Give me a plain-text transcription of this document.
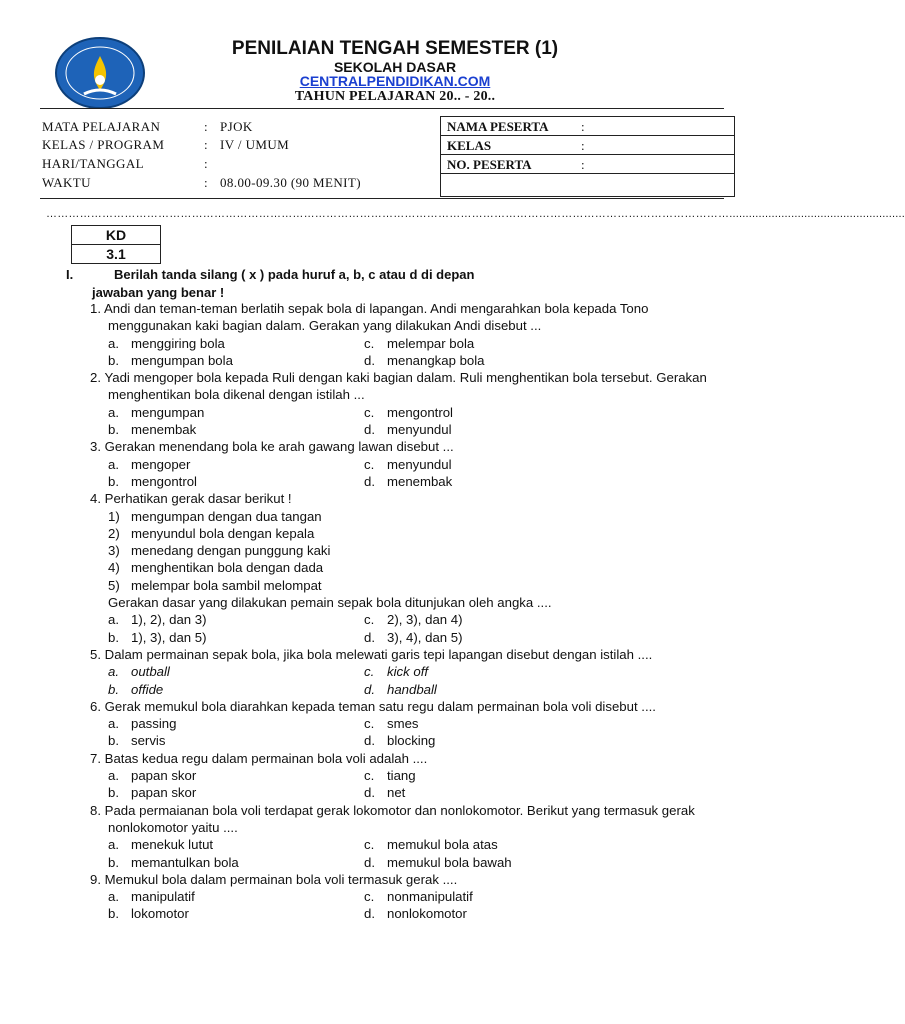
PENILAIAN TENGAH SEMESTER (1)
SEKOLAH DASAR
CENTRALPENDIDIKAN.COM
TAHUN PELAJARAN 20.. - 20..
MATA PELAJARAN	: PJOK
KELAS / PROGRAM	: IV / UMUM
HARI/TANGGAL	:
WAKTU	: 08.00-09.30 (90 MENIT)
NAMA PESERTA :
KELAS	:
NO. PESERTA	:
…………………………………………………………………………………………………………………………………………………………………......................................................
KD
3.1
I.	Berilah tanda silang ( x ) pada huruf a, b, c atau d di depan
jawaban yang benar !
1. Andi dan teman-teman berlatih sepak bola di lapangan. Andi mengarahkan bola kepada Tono menggunakan kaki bagian dalam. Gerakan yang dilakukan Andi disebut ...
a. menggiring bola	c. melempar bola
b. mengumpan bola	d. menangkap bola
2. Yadi mengoper bola kepada Ruli dengan kaki bagian dalam. Ruli menghentikan bola tersebut. Gerakan menghentikan bola dikenal dengan istilah ...
a. mengumpan	c. mengontrol
b. menembak	d. menyundul
3. Gerakan menendang bola ke arah gawang lawan disebut ...
a. mengoper	c. menyundul
b. mengontrol	d. menembak
4. Perhatikan gerak dasar berikut !
1) mengumpan dengan dua tangan
2) menyundul bola dengan kepala
3) menedang dengan punggung kaki
4) menghentikan bola dengan dada
5) melempar bola sambil melompat
Gerakan dasar yang dilakukan pemain sepak bola ditunjukan oleh angka ....
a. 1), 2), dan 3)	c. 2), 3), dan 4)
b. 1), 3), dan 5)	d. 3), 4), dan 5)
5. Dalam permainan sepak bola, jika bola melewati garis tepi lapangan disebut dengan istilah ....
a. outball	c. kick off
b. offide	d. handball
6. Gerak memukul bola diarahkan kepada teman satu regu dalam permainan bola voli disebut ....
a. passing	c. smes
b. servis	d. blocking
7. Batas kedua regu dalam permainan bola voli adalah ....
a. papan skor	c. tiang
b. papan skor	d. net
8. Pada permaianan bola voli terdapat gerak lokomotor dan nonlokomotor. Berikut yang termasuk gerak nonlokomotor yaitu ....
a. menekuk lutut	c. memukul bola atas
b. memantulkan bola	d. memukul bola bawah
9. Memukul bola dalam permainan bola voli termasuk gerak ....
a. manipulatif	c. nonmanipulatif
b. lokomotor	d. nonlokomotor
